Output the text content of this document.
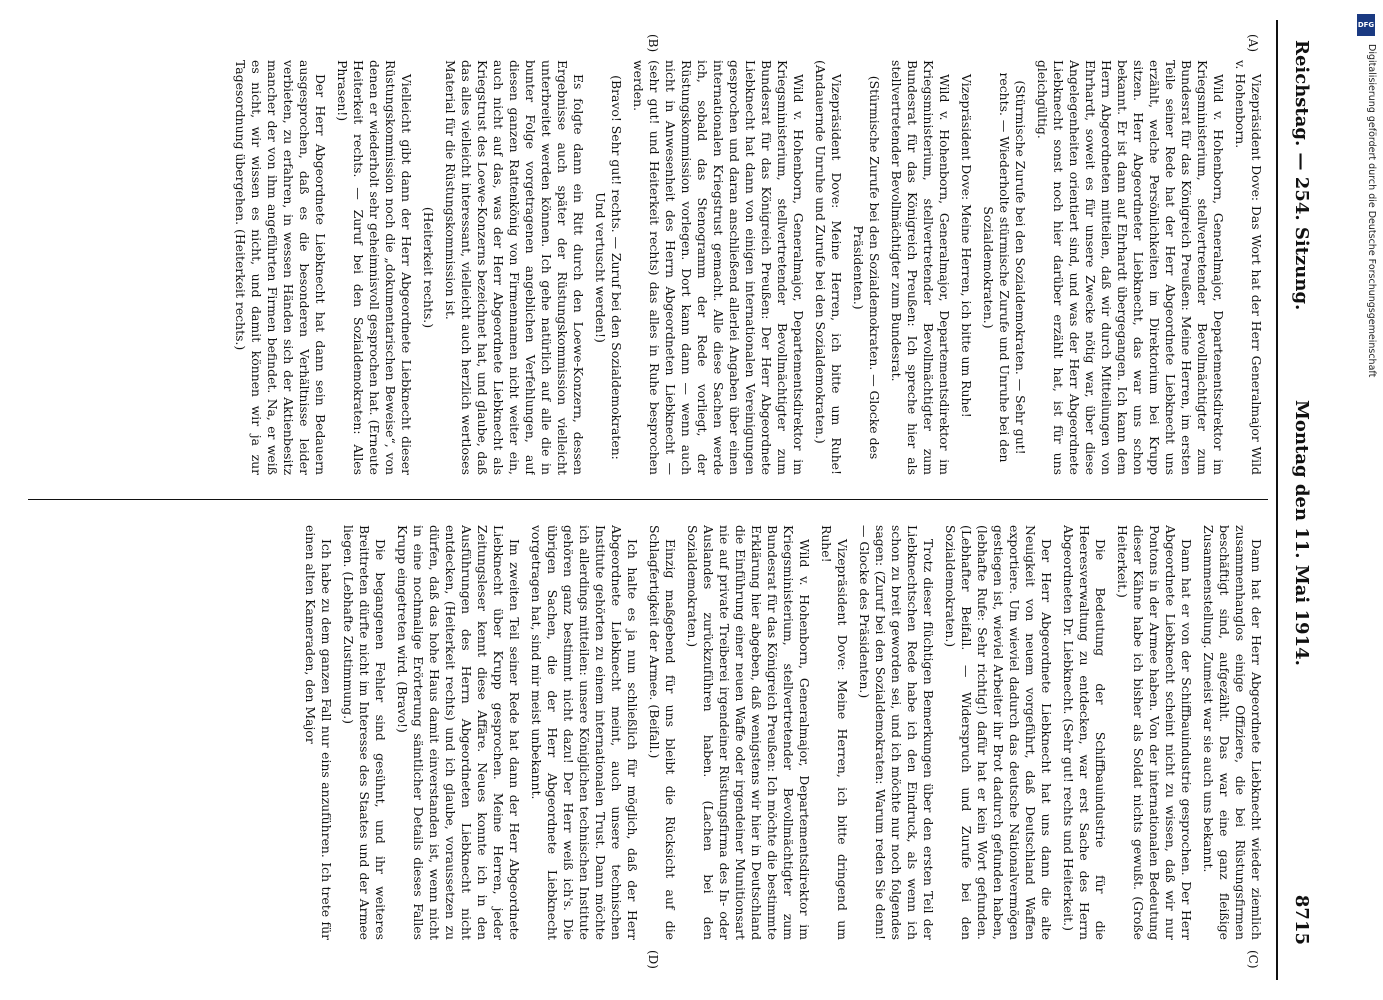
Reichstag. — 254. Sitzung.
8715
(A)
(B)
(C)
(D)

Vizepräsident Dove: Das Wort hat der Herr Generalmajor Wild v. Hohenborn.

Wild v. Hohenborn, Generalmajor, Departementsdirektor im Kriegsministerium, stellvertretender Bevollmächtigter zum Bundesrat für das Königreich Preußen: Meine Herren, im ersten Teile seiner Rede hat der Herr Abgeordnete Liebknecht uns erzählt, welche Persönlichkeiten im Direktorium bei Krupp sitzen. Herr Abgeordneter Liebknecht, das war uns schon bekannt. Er ist dann auf Ehrhardt übergegangen. Ich kann dem Herrn Abgeordneten mitteilen, daß wir durch Mitteilungen von Ehrhardt, soweit es für unsere Zwecke nötig war, über diese Angelegenheiten orientiert sind, und was der Herr Abgeordnete Liebknecht sonst noch hier darüber erzählt hat, ist für uns gleichgültig.

(Stürmische Zurufe bei den Sozialdemokraten. — Sehr gut! rechts. — Wiederholte stürmische Zurufe und Unruhe bei den Sozialdemokraten.)

Vizepräsident Dove: Meine Herren, ich bitte um Ruhe!

Wild v. Hohenborn, Generalmajor, Departementsdirektor im Kriegsministerium, stellvertretender Bevollmächtigter zum Bundesrat für das Königreich Preußen: Ich spreche hier als stellvertretender Bevollmächtigter zum Bundesrat.

(Stürmische Zurufe bei den Sozialdemokraten. — Glocke des Präsidenten.)

Vizepräsident Dove: Meine Herren, ich bitte um Ruhe! (Andauernde Unruhe und Zurufe bei den Sozialdemokraten.)

Wild v. Hohenborn, Generalmajor, Departementsdirektor im Kriegsministerium, stellvertretender Bevollmächtigter zum Bundesrat für das Königreich Preußen: Der Herr Abgeordnete Liebknecht hat dann von einigen internationalen Vereinigungen gesprochen und daran anschließend allerlei Angaben über einen internationalen Kriegstrust gemacht. Alle diese Sachen werde ich, sobald das Stenogramm der Rede vorliegt, der Rüstungskommission vorlegen. Dort kann dann — wenn auch nicht in Anwesenheit des Herrn Abgeordneten Liebknecht — (sehr gut! und Heiterkeit rechts) das alles in Ruhe besprochen werden.

(Bravo! Sehr gut! rechts. — Zuruf bei den Sozialdemokraten: Und vertuscht werden!)

Es folgte dann ein Ritt durch den Loewe-Konzern, dessen Ergebnisse auch später der Rüstungskommission vielleicht unterbreitet werden können. Ich gehe natürlich auf alle die in bunter Folge vorgetragenen angeblichen Verfehlungen, auf diesen ganzen Rattenkönig von Firmennamen nicht weiter ein, auch nicht auf das, was der Herr Abgeordnete Liebknecht als Kriegstrust des Loewe-Konzerns bezeichnet hat, und glaube, daß das alles vielleicht interessant, vielleicht auch herzlich wertloses Material für die Rüstungskommission ist.

(Heiterkeit rechts.)

Vielleicht gibt dann der Herr Abgeordnete Liebknecht dieser Rüstungskommission noch die „dokumentarischen Beweise“, von denen er wiederholt sehr geheimnisvoll gesprochen hat. (Erneute Heiterkeit rechts. — Zuruf bei den Sozialdemokraten: Alles Phrasen!)

Der Herr Abgeordnete Liebknecht hat dann sein Bedauern ausgesprochen, daß es die besonderen Verhältnisse leider verbieten, zu erfahren, in wessen Händen sich der Aktienbesitz mancher der von ihm angeführten Firmen befindet. Na, er weiß es nicht, wir wissen es nicht, und damit können wir ja zur Tagesordnung übergehen. (Heiterkeit rechts.)

Dann hat der Herr Abgeordnete Liebknecht wieder ziemlich zusammenhanglos einige Offiziere, die bei Rüstungsfirmen beschäftigt sind, aufgezählt. Das war eine ganz fleißige Zusammenstellung. Zumeist war sie auch uns bekannt.

Dann hat er von der Schiffbauindustrie gesprochen. Der Herr Abgeordnete Liebknecht scheint nicht zu wissen, daß wir nur Pontons in der Armee haben. Von der internationalen Bedeutung dieser Kähne habe ich bisher als Soldat nichts gewußt. (Große Heiterkeit.)

Die Bedeutung der Schiffbauindustrie für die Heeresverwaltung zu entdecken, war erst Sache des Herrn Abgeordneten Dr. Liebknecht. (Sehr gut! rechts und Heiterkeit.)

Der Herr Abgeordnete Liebknecht hat uns dann die alte Neuigkeit von neuem vorgeführt, daß Deutschland Waffen exportiere. Um wieviel dadurch das deutsche Nationalvermögen gestiegen ist, wieviel Arbeiter ihr Brot dadurch gefunden haben, (lebhafte Rufe: Sehr richtig!) dafür hat er kein Wort gefunden. (Lebhafter Beifall. — Widerspruch und Zurufe bei den Sozialdemokraten.)

Trotz dieser flüchtigen Bemerkungen über den ersten Teil der Liebknechtschen Rede habe ich den Eindruck, als wenn ich schon zu breit geworden sei, und ich möchte nur noch folgendes sagen: (Zuruf bei den Sozialdemokraten: Warum reden Sie denn! — Glocke des Präsidenten.)

Vizepräsident Dove: Meine Herren, ich bitte dringend um Ruhe!

Wild v. Hohenborn, Generalmajor, Departementsdirektor im Kriegsministerium, stellvertretender Bevollmächtigter zum Bundesrat für das Königreich Preußen: Ich möchte die bestimmte Erklärung hier abgeben, daß wenigstens wir hier in Deutschland die Einführung einer neuen Waffe oder irgendeiner Munitionsart nie auf private Treiberei irgendeiner Rüstungsfirma des In- oder Auslandes zurückzuführen haben. (Lachen bei den Sozialdemokraten.)

Einzig maßgebend für uns bleibt die Rücksicht auf die Schlagfertigkeit der Armee. (Beifall.)

Ich halte es ja nun schließlich für möglich, daß der Herr Abgeordnete Liebknecht meint, auch unsere technischen Institute gehörten zu einem internationalen Trust. Dann möchte ich allerdings mitteilen: unsere Königlichen technischen Institute gehören ganz bestimmt nicht dazu! Der Herr weiß ich's. Die übrigen Sachen, die der Herr Abgeordnete Liebknecht vorgetragen hat, sind mir meist unbekannt.

Im zweiten Teil seiner Rede hat dann der Herr Abgeordnete Liebknecht über Krupp gesprochen. Meine Herren, jeder Zeitungsleser kennt diese Affäre. Neues konnte ich in den Ausführungen des Herrn Abgeordneten Liebknecht nicht entdecken, (Heiterkeit rechts) und ich glaube, voraussetzen zu dürfen, daß das hohe Haus damit einverstanden ist, wenn nicht in eine nochmalige Erörterung sämtlicher Details dieses Falles Krupp eingetreten wird. (Bravo!)

Die begangenen Fehler sind gesühnt, und ihr weiteres Breittreten dürfte nicht im Interesse des Staates und der Armee liegen. (Lebhafte Zustimmung.)

Ich habe zu dem ganzen Fall nur eins anzuführen. Ich trete für einen alten Kameraden, den Major	Montag den 11. Mai 1914.
DFG
Digitalisierung gefördert durch die Deutsche Forschungsgemeinschaft
